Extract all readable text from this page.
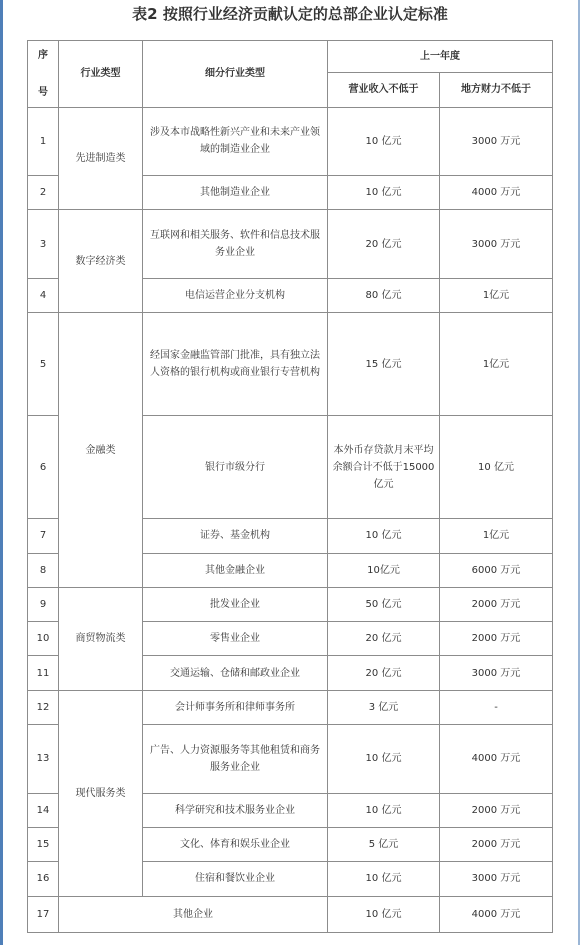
表2 按照行业经济贡献认定的总部企业认定标准
序
号	行业类型	细分行业类型	上一年度	
			营业收入不低于	地方财力不低于
1	先进制造类	涉及本市战略性新兴产业和未来产业领域的制造业企业	10 亿元	3000 万元
2		其他制造业企业	10 亿元	4000 万元
3	数字经济类	互联网和相关服务、软件和信息技术服务业企业	20 亿元	3000 万元
4		电信运营企业分支机构	80 亿元	1亿元
5	金融类	经国家金融监管部门批准，具有独立法人资格的银行机构或商业银行专营机构	15 亿元	1亿元
6		银行市级分行	本外币存贷款月末平均余额合计不低于15000 亿元	10 亿元
7		证券、基金机构	10 亿元	1亿元
8		其他金融企业	10亿元	6000 万元
9	商贸物流类	批发业企业	50 亿元	2000 万元
10		零售业企业	20 亿元	2000 万元
11		交通运输、仓储和邮政业企业	20 亿元	3000 万元
12	现代服务类	会计师事务所和律师事务所	3 亿元	-
13		广告、人力资源服务等其他租赁和商务服务业企业	10 亿元	4000 万元
14		科学研究和技术服务业企业	10 亿元	2000 万元
15		文化、体育和娱乐业企业	5 亿元	2000 万元
16		住宿和餐饮业企业	10 亿元	3000 万元
17	其他企业		10 亿元	4000 万元
